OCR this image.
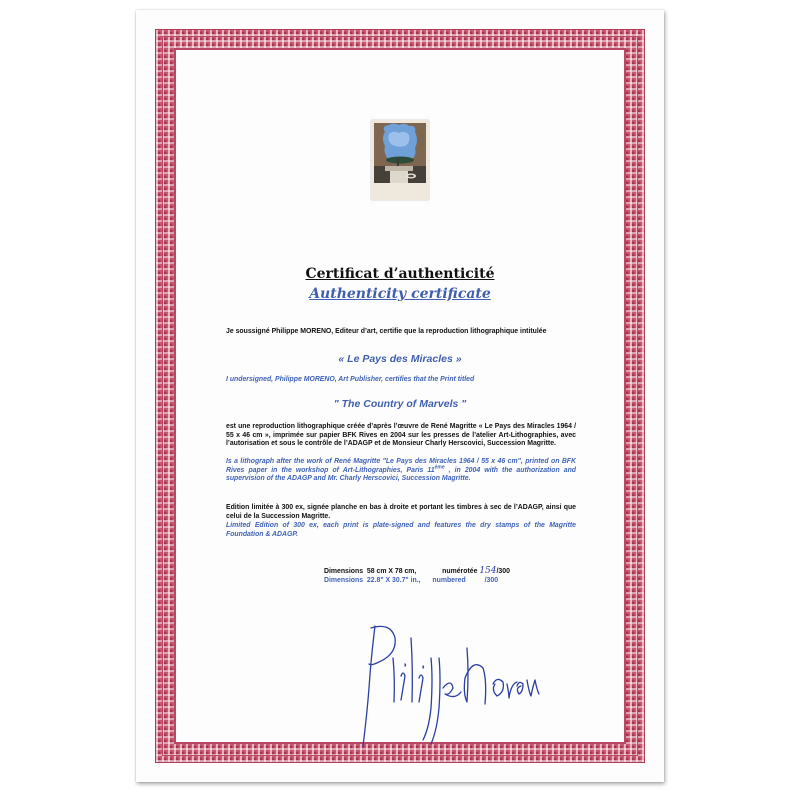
Certificat d’authenticité
Authenticity certificate

Je soussigné Philippe MORENO, Editeur d’art, certifie que la reproduction lithographique intitulée

« Le Pays des Miracles »

I undersigned, Philippe MORENO, Art Publisher, certifies that the Print titled

" The Country of Marvels "

est une reproduction lithographique créée d’après l’œuvre de René Magritte « Le Pays des Miracles 1964 / 55 x 46 cm », imprimée sur papier BFK Rives en 2004 sur les presses de l’atelier Art-Lithographies, avec l’autorisation et sous le contrôle de l’ADAGP et de Monsieur Charly Herscovici, Succession Magritte.

Is a lithograph after the work of René Magritte "Le Pays des Miracles 1964 / 55 x 46 cm", printed on BFK Rives paper in the workshop of Art-Lithographies, Paris 11ème , in 2004 with the authorization and supervision of the ADAGP and Mr. Charly Herscovici, Succession Magritte.

Edition limitée à 300 ex, signée planche en bas à droite et portant les timbres à sec de l’ADAGP, ainsi que celui de la Succession Magritte.

Limited Edition of 300 ex, each print is plate-signed and features the dry stamps of the Magritte Foundation & ADAGP.

Dimensions 58 cm X 78 cm,	numérotée 154/300
Dimensions 22.8" X 30.7" in., numbered	/300
